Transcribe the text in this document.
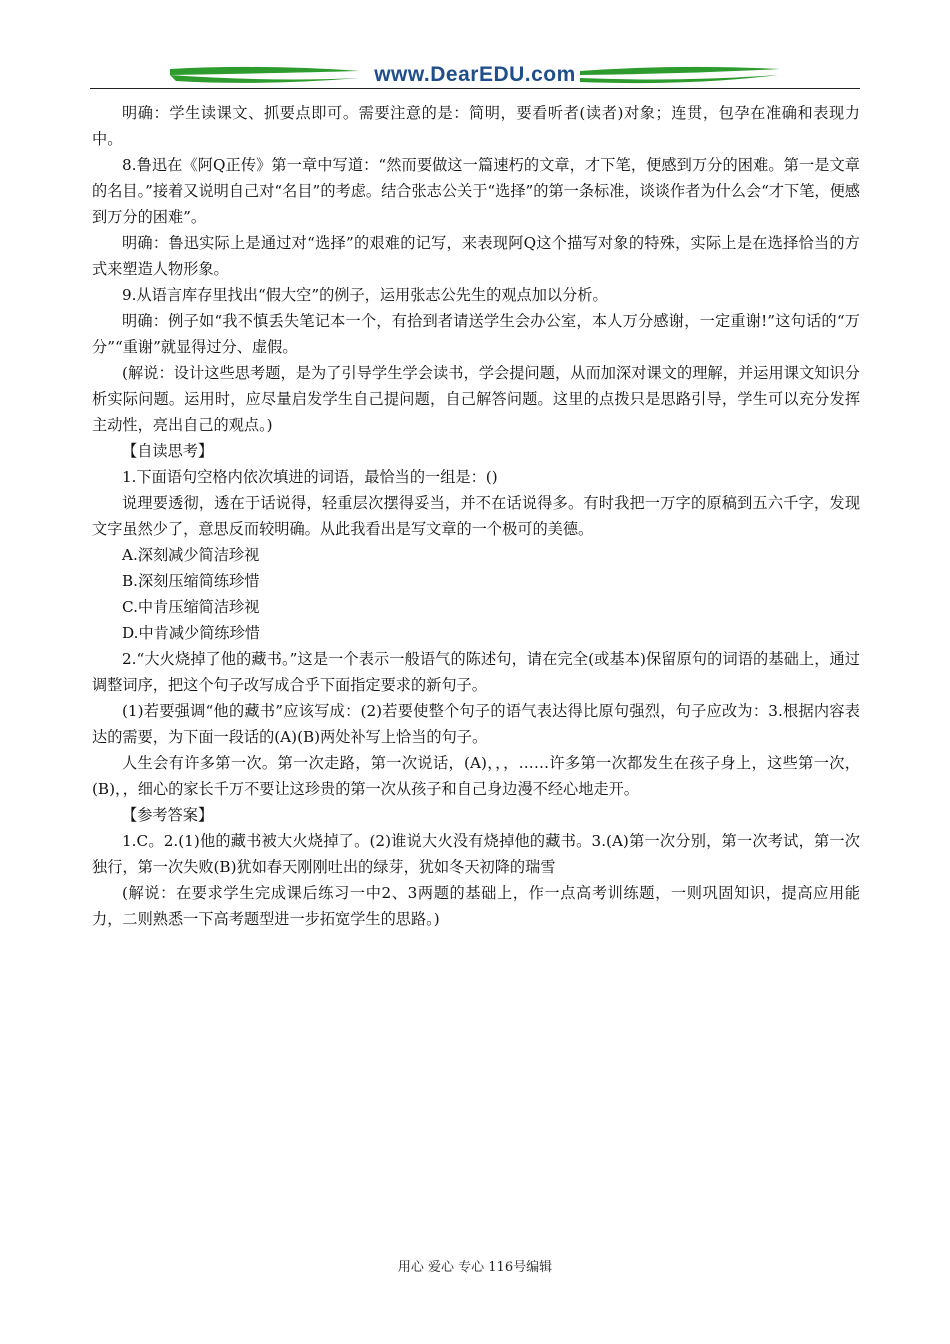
www.DearEDU.com

明确：学生读课文、抓要点即可。需要注意的是：简明，要看听者(读者)对象；连贯，包孕在准确和表现力中。

8.鲁迅在《阿Q正传》第一章中写道：“然而要做这一篇速朽的文章，才下笔，便感到万分的困难。第一是文章的名目。”接着又说明自己对“名目”的考虑。结合张志公关于“选择”的第一条标准，谈谈作者为什么会“才下笔，便感到万分的困难”。

明确：鲁迅实际上是通过对“选择”的艰难的记写，来表现阿Q这个描写对象的特殊，实际上是在选择恰当的方式来塑造人物形象。

9.从语言库存里找出“假大空”的例子，运用张志公先生的观点加以分析。

明确：例子如“我不慎丢失笔记本一个，有拾到者请送学生会办公室，本人万分感谢，一定重谢!”这句话的“万分”“重谢”就显得过分、虚假。

(解说：设计这些思考题，是为了引导学生学会读书，学会提问题，从而加深对课文的理解，并运用课文知识分析实际问题。运用时，应尽量启发学生自己提问题，自己解答问题。这里的点拨只是思路引导，学生可以充分发挥主动性，亮出自己的观点。)

【自读思考】

1.下面语句空格内依次填进的词语，最恰当的一组是：()

说理要透彻，透在于话说得，轻重层次摆得妥当，并不在话说得多。有时我把一万字的原稿到五六千字，发现文字虽然少了，意思反而较明确。从此我看出是写文章的一个极可的美德。

A.深刻减少简洁珍视

B.深刻压缩简练珍惜

C.中肯压缩简洁珍视

D.中肯减少简练珍惜

2.“大火烧掉了他的藏书。”这是一个表示一般语气的陈述句，请在完全(或基本)保留原句的词语的基础上，通过调整词序，把这个句子改写成合乎下面指定要求的新句子。

(1)若要强调“他的藏书”应该写成：(2)若要使整个句子的语气表达得比原句强烈，句子应改为：3.根据内容表达的需要，为下面一段话的(A)(B)两处补写上恰当的句子。

人生会有许多第一次。第一次走路，第一次说话，(A)，，，……许多第一次都发生在孩子身上，这些第一次，(B)，，细心的家长千万不要让这珍贵的第一次从孩子和自己身边漫不经心地走开。

【参考答案】

1.C。2.(1)他的藏书被大火烧掉了。(2)谁说大火没有烧掉他的藏书。3.(A)第一次分别，第一次考试，第一次独行，第一次失败(B)犹如春天刚刚吐出的绿芽，犹如冬天初降的瑞雪

(解说：在要求学生完成课后练习一中2、3两题的基础上，作一点高考训练题，一则巩固知识，提高应用能力，二则熟悉一下高考题型进一步拓宽学生的思路。)

用心 爱心 专心 116号编辑
